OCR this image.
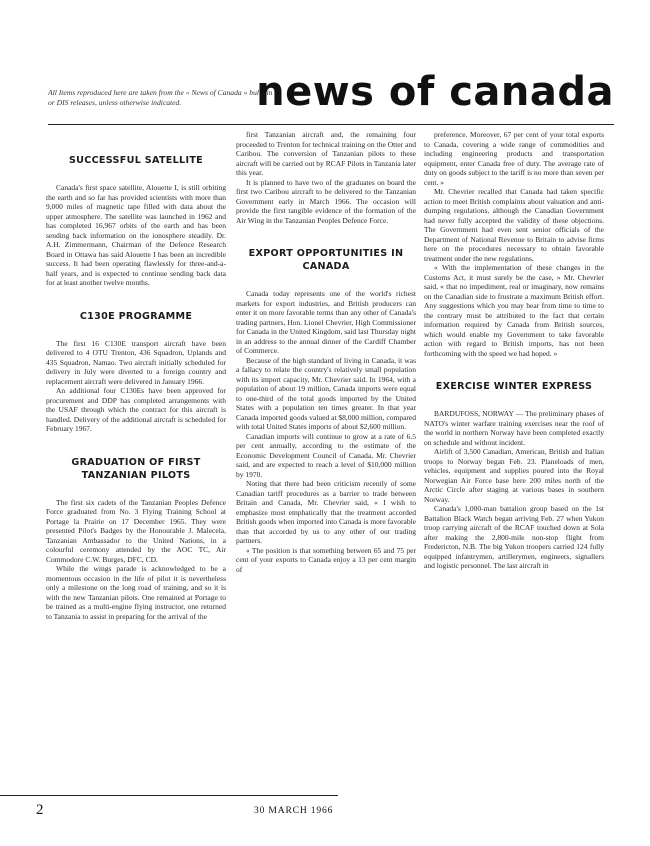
All Items reproduced here are taken from the « News of Canada » bulletin or DIS releases, unless otherwise indicated.	news of canada
SUCCESSFUL SATELLITE

Canada's first space satellite, Alouette I, is still orbiting the earth and so far has provided scientists with more than 9,000 miles of magnetic tape filled with data about the upper atmosphere. The satellite was launched in 1962 and has completed 16,967 orbits of the earth and has been sending back information on the ionosphere steadily. Dr. A.H. Zimmermann, Chairman of the Defence Research Board in Ottawa has said Alouette I has been an incredible success. It had been operating flawlessly for three-and-a-half years, and is expected to continue sending back data for at least another twelve months.

C130E PROGRAMME

The first 16 C130E transport aircraft have been delivered to 4 OTU Trenton, 436 Squadron, Uplands and 435 Squadron, Namao. Two aircraft initially scheduled for delivery in July were diverted to a foreign country and replacement aircraft were delivered in January 1966.

An additional four C130Es have been approved for procurement and DDP has completed arrangements with the USAF through which the contract for this aircraft is handled. Delivery of the additional aircraft is scheduled for February 1967.

GRADUATION OF FIRST TANZANIAN PILOTS

The first six cadets of the Tanzanian Peoples Defence Force graduated from No. 3 Flying Training School at Portage la Prairie on 17 December 1965. They were presented Pilot's Badges by the Honourable J. Malecela, Tanzanian Ambassador to the United Nations, in a colourful ceremony attended by the AOC TC, Air Commodore C.W. Burges, DFC, CD.

While the wings parade is acknowledged to be a momentous occasion in the life of pilot it is nevertheless only a milestone on the long road of training, and so it is with the new Tanzanian pilots. One remained at Portage to be trained as a multi-engine flying instructor, one returned to Tanzania to assist in preparing for the arrival of the

first Tanzanian aircraft and, the remaining four proceeded to Trenton for technical training on the Otter and Caribou. The conversion of Tanzanian pilots to these aircraft will be carried out by RCAF Pilots in Tanzania later this year.

It is planned to have two of the graduates on board the first two Caribou aircraft to be delivered to the Tanzanian Government early in March 1966. The occasion will provide the first tangible evidence of the formation of the Air Wing in the Tanzanian Peoples Defence Force.

EXPORT OPPORTUNITIES IN CANADA

Canada today represents one of the world's richest markets for export industries, and British producers can enter it on more favorable terms than any other of Canada's trading partners, Hon. Lionel Chevrier, High Commissioner for Canada in the United Kingdom, said last Thursday night in an address to the annual dinner of the Cardiff Chamber of Commerce.

Because of the high standard of living in Canada, it was a fallacy to relate the country's relatively small population with its import capacity, Mr. Chevrier said. In 1964, with a population of about 19 million, Canada imports were equal to one-third of the total goods imported by the United States with a population ten times greater. In that year Canada imported goods valued at $8,000 million, compared with total United States imports of about $2,600 million.

Canadian imports will continue to grow at a rate of 6.5 per cent annually, according to the estimate of the Economic Development Council of Canada, Mr. Chevrier said, and are expected to reach a level of $10,000 million by 1970.

Noting that there had been criticism recently of some Canadian tariff procedures as a barrier to trade between Britain and Canada, Mr. Chevrier said, « I wish to emphasize most emphatically that the treatment accorded British goods when imported into Canada is more favorable than that accorded by us to any other of our trading partners.

« The position is that something between 65 and 75 per cent of your exports to Canada enjoy a 13 per cent margin of

preference. Moreover, 67 per cent of your total exports to Canada, covering a wide range of commodities and including engineering products and transportation equipment, enter Canada free of duty. The average rate of duty on goods subject to the tariff is no more than seven per cent. »

Mr. Chevrier recalled that Canada had taken specific action to meet British complaints about valuation and anti-dumping regulations, although the Canadian Government had never fully accepted the validity of these objections. The Government had even sent senior officials of the Department of National Revenue to Britain to advise firms here on the procedures necessary to obtain favorable treatment under the new regulations.

« With the implementation of these changes in the Customs Act, it must surely be the case, » Mr. Chevrier said, « that no impediment, real or imaginary, now remains on the Canadian side to frustrate a maximum British effort. Any suggestions which you may hear from time to time to the contrary must be attributed to the fact that certain information required by Canada from British sources, which would enable my Government to take favorable action with regard to British imports, has not been forthcoming with the speed we had hoped. »

EXERCISE WINTER EXPRESS

BARDUFOSS, NORWAY — The preliminary phases of NATO's winter warfare training exercises near the roof of the world in northern Norway have been completed exactly on schedule and without incident.

Airlift of 3,500 Canadian, American, British and Italian troops to Norway began Feb. 23. Planeloads of men, vehicles, equipment and supplies poured into the Royal Norwegian Air Force base here 200 miles north of the Arctic Circle after staging at various bases in southern Norway.

Canada's 1,000-man battalion group based on the 1st Battalion Black Watch began arriving Feb. 27 when Yukon troop carrying aircraft of the RCAF touched down at Sola after making the 2,800-mile non-stop flight from Fredericton, N.B. The big Yukon troopers carried 124 fully equipped infantrymen, artillerymen, engineers, signallers and logistic personnel. The last aircraft in

2	30 MARCH 1966
